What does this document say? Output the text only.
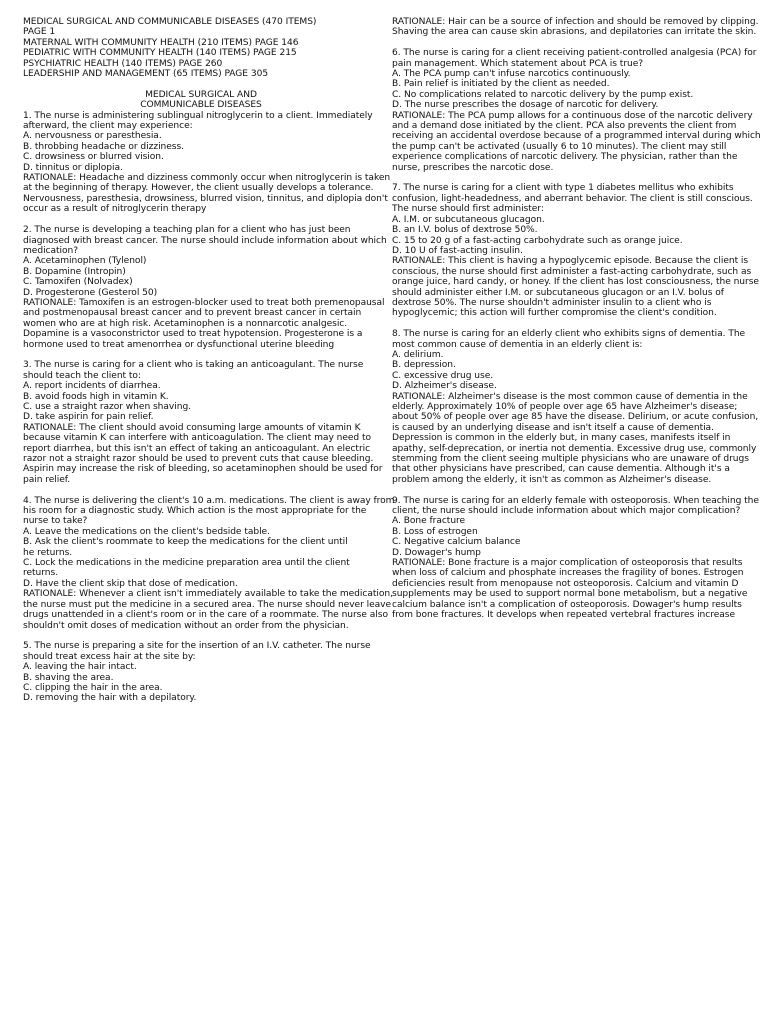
MEDICAL SURGICAL AND COMMUNICABLE DISEASES (470 ITEMS)
PAGE 1
MATERNAL WITH COMMUNITY HEALTH (210 ITEMS) PAGE 146
PEDIATRIC WITH COMMUNITY HEALTH (140 ITEMS) PAGE 215
PSYCHIATRIC HEALTH (140 ITEMS) PAGE 260
LEADERSHIP AND MANAGEMENT (65 ITEMS) PAGE 305
MEDICAL SURGICAL AND
COMMUNICABLE DISEASES
1. The nurse is administering sublingual nitroglycerin to a client. Immediately
afterward, the client may experience:
A. nervousness or paresthesia.
B. throbbing headache or dizziness.
C. drowsiness or blurred vision.
D. tinnitus or diplopia.
RATIONALE: Headache and dizziness commonly occur when nitroglycerin is taken
at the beginning of therapy. However, the client usually develops a tolerance.
Nervousness, paresthesia, drowsiness, blurred vision, tinnitus, and diplopia don't
occur as a result of nitroglycerin therapy
2. The nurse is developing a teaching plan for a client who has just been
diagnosed with breast cancer. The nurse should include information about which
medication?
A. Acetaminophen (Tylenol)
B. Dopamine (Intropin)
C. Tamoxifen (Nolvadex)
D. Progesterone (Gesterol 50)
RATIONALE: Tamoxifen is an estrogen-blocker used to treat both premenopausal
and postmenopausal breast cancer and to prevent breast cancer in certain
women who are at high risk. Acetaminophen is a nonnarcotic analgesic.
Dopamine is a vasoconstrictor used to treat hypotension. Progesterone is a
hormone used to treat amenorrhea or dysfunctional uterine bleeding
3. The nurse is caring for a client who is taking an anticoagulant. The nurse
should teach the client to:
A. report incidents of diarrhea.
B. avoid foods high in vitamin K.
C. use a straight razor when shaving.
D. take aspirin for pain relief.
RATIONALE: The client should avoid consuming large amounts of vitamin K
because vitamin K can interfere with anticoagulation. The client may need to
report diarrhea, but this isn't an effect of taking an anticoagulant. An electric
razor not a straight razor should be used to prevent cuts that cause bleeding.
Aspirin may increase the risk of bleeding, so acetaminophen should be used for
pain relief.
4. The nurse is delivering the client's 10 a.m. medications. The client is away from
his room for a diagnostic study. Which action is the most appropriate for the
nurse to take?
A. Leave the medications on the client's bedside table.
B. Ask the client's roommate to keep the medications for the client until
he returns.
C. Lock the medications in the medicine preparation area until the client
returns.
D. Have the client skip that dose of medication.
RATIONALE: Whenever a client isn't immediately available to take the medication,
the nurse must put the medicine in a secured area. The nurse should never leave
drugs unattended in a client's room or in the care of a roommate. The nurse also
shouldn't omit doses of medication without an order from the physician.
5. The nurse is preparing a site for the insertion of an I.V. catheter. The nurse
should treat excess hair at the site by:
A. leaving the hair intact.
B. shaving the area.
C. clipping the hair in the area.
D. removing the hair with a depilatory.
RATIONALE: Hair can be a source of infection and should be removed by clipping.
Shaving the area can cause skin abrasions, and depilatories can irritate the skin.
6. The nurse is caring for a client receiving patient-controlled analgesia (PCA) for
pain management. Which statement about PCA is true?
A. The PCA pump can't infuse narcotics continuously.
B. Pain relief is initiated by the client as needed.
C. No complications related to narcotic delivery by the pump exist.
D. The nurse prescribes the dosage of narcotic for delivery.
RATIONALE: The PCA pump allows for a continuous dose of the narcotic delivery
and a demand dose initiated by the client. PCA also prevents the client from
receiving an accidental overdose because of a programmed interval during which
the pump can't be activated (usually 6 to 10 minutes). The client may still
experience complications of narcotic delivery. The physician, rather than the
nurse, prescribes the narcotic dose.
7. The nurse is caring for a client with type 1 diabetes mellitus who exhibits
confusion, light-headedness, and aberrant behavior. The client is still conscious.
The nurse should first administer:
A. I.M. or subcutaneous glucagon.
B. an I.V. bolus of dextrose 50%.
C. 15 to 20 g of a fast-acting carbohydrate such as orange juice.
D. 10 U of fast-acting insulin.
RATIONALE: This client is having a hypoglycemic episode. Because the client is
conscious, the nurse should first administer a fast-acting carbohydrate, such as
orange juice, hard candy, or honey. If the client has lost consciousness, the nurse
should administer either I.M. or subcutaneous glucagon or an I.V. bolus of
dextrose 50%. The nurse shouldn't administer insulin to a client who is
hypoglycemic; this action will further compromise the client's condition.
8. The nurse is caring for an elderly client who exhibits signs of dementia. The
most common cause of dementia in an elderly client is:
A. delirium.
B. depression.
C. excessive drug use.
D. Alzheimer's disease.
RATIONALE: Alzheimer's disease is the most common cause of dementia in the
elderly. Approximately 10% of people over age 65 have Alzheimer's disease;
about 50% of people over age 85 have the disease. Delirium, or acute confusion,
is caused by an underlying disease and isn't itself a cause of dementia.
Depression is common in the elderly but, in many cases, manifests itself in
apathy, self-deprecation, or inertia not dementia. Excessive drug use, commonly
stemming from the client seeing multiple physicians who are unaware of drugs
that other physicians have prescribed, can cause dementia. Although it's a
problem among the elderly, it isn't as common as Alzheimer's disease.
9. The nurse is caring for an elderly female with osteoporosis. When teaching the
client, the nurse should include information about which major complication?
A. Bone fracture
B. Loss of estrogen
C. Negative calcium balance
D. Dowager's hump
RATIONALE: Bone fracture is a major complication of osteoporosis that results
when loss of calcium and phosphate increases the fragility of bones. Estrogen
deficiencies result from menopause not osteoporosis. Calcium and vitamin D
supplements may be used to support normal bone metabolism, but a negative
calcium balance isn't a complication of osteoporosis. Dowager's hump results
from bone fractures. It develops when repeated vertebral fractures increase
